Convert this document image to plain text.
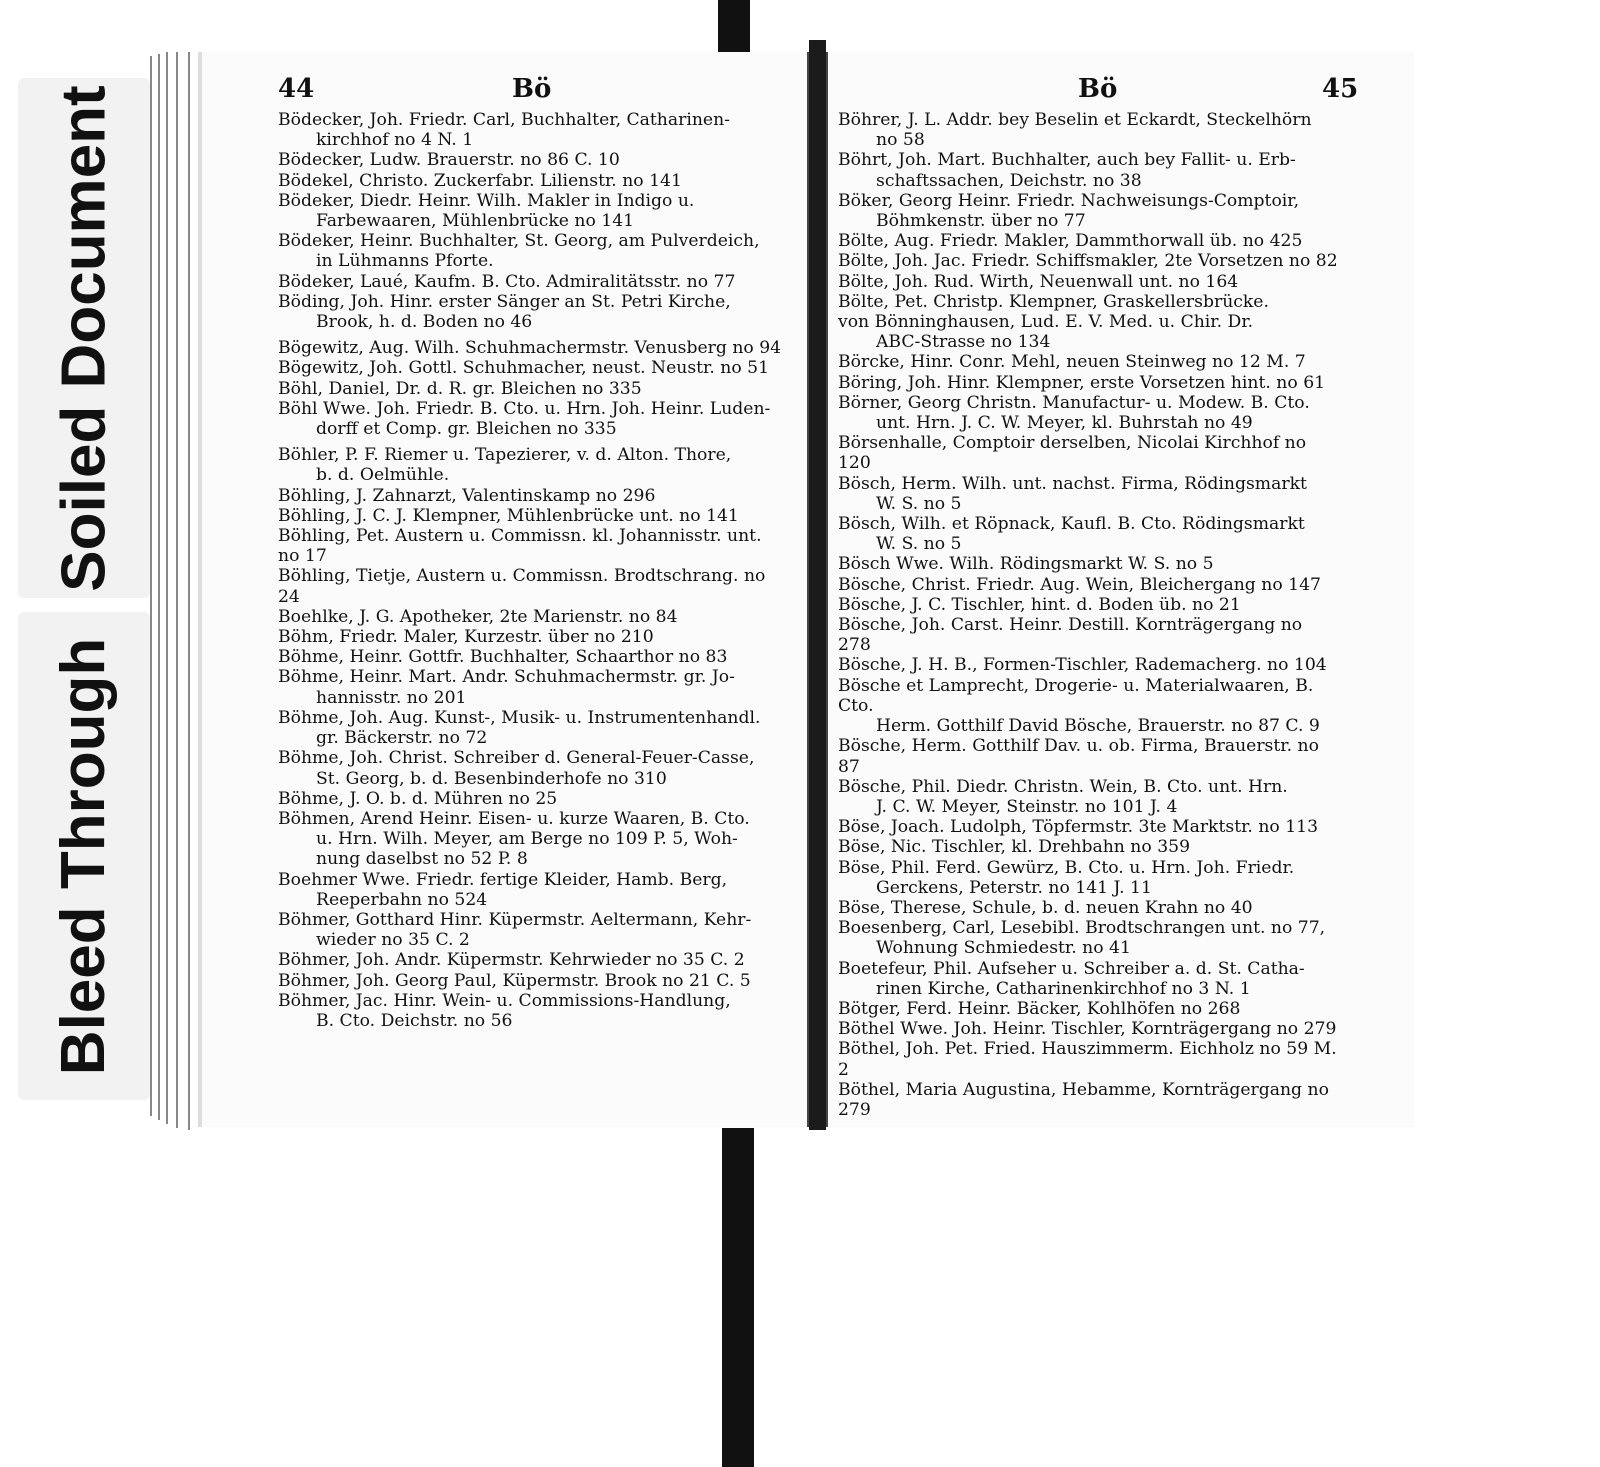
Soiled Document
Bleed Through
44	Bö
Bödecker, Joh. Friedr. Carl, Buchhalter, Catharinen-
kirchhof no 4 N. 1
Bödecker, Ludw. Brauerstr. no 86 C. 10
Bödekel, Christo. Zuckerfabr. Lilienstr. no 141
Bödeker, Diedr. Heinr. Wilh. Makler in Indigo u.
Farbewaaren, Mühlenbrücke no 141
Bödeker, Heinr. Buchhalter, St. Georg, am Pulverdeich,
in Lühmanns Pforte.
Bödeker, Laué, Kaufm. B. Cto. Admiralitätsstr. no 77
Böding, Joh. Hinr. erster Sänger an St. Petri Kirche,
Brook, h. d. Boden no 46
Bögewitz, Aug. Wilh. Schuhmachermstr. Venusberg no 94
Bögewitz, Joh. Gottl. Schuhmacher, neust. Neustr. no 51
Böhl, Daniel, Dr. d. R. gr. Bleichen no 335
Böhl Wwe. Joh. Friedr. B. Cto. u. Hrn. Joh. Heinr. Luden-
dorff et Comp. gr. Bleichen no 335
Böhler, P. F. Riemer u. Tapezierer, v. d. Alton. Thore,
b. d. Oelmühle.
Böhling, J. Zahnarzt, Valentinskamp no 296
Böhling, J. C. J. Klempner, Mühlenbrücke unt. no 141
Böhling, Pet. Austern u. Commissn. kl. Johannisstr. unt. no 17
Böhling, Tietje, Austern u. Commissn. Brodtschrang. no 24
Boehlke, J. G. Apotheker, 2te Marienstr. no 84
Böhm, Friedr. Maler, Kurzestr. über no 210
Böhme, Heinr. Gottfr. Buchhalter, Schaarthor no 83
Böhme, Heinr. Mart. Andr. Schuhmachermstr. gr. Jo-
hannisstr. no 201
Böhme, Joh. Aug. Kunst-, Musik- u. Instrumentenhandl.
gr. Bäckerstr. no 72
Böhme, Joh. Christ. Schreiber d. General-Feuer-Casse,
St. Georg, b. d. Besenbinderhofe no 310
Böhme, J. O. b. d. Mühren no 25
Böhmen, Arend Heinr. Eisen- u. kurze Waaren, B. Cto.
u. Hrn. Wilh. Meyer, am Berge no 109 P. 5, Woh-
nung daselbst no 52 P. 8
Boehmer Wwe. Friedr. fertige Kleider, Hamb. Berg,
Reeperbahn no 524
Böhmer, Gotthard Hinr. Küpermstr. Aeltermann, Kehr-
wieder no 35 C. 2
Böhmer, Joh. Andr. Küpermstr. Kehrwieder no 35 C. 2
Böhmer, Joh. Georg Paul, Küpermstr. Brook no 21 C. 5
Böhmer, Jac. Hinr. Wein- u. Commissions-Handlung,
B. Cto. Deichstr. no 56
Bö	45
Böhrer, J. L. Addr. bey Beselin et Eckardt, Steckelhörn
no 58
Böhrt, Joh. Mart. Buchhalter, auch bey Fallit- u. Erb-
schaftssachen, Deichstr. no 38
Böker, Georg Heinr. Friedr. Nachweisungs-Comptoir,
Böhmkenstr. über no 77
Bölte, Aug. Friedr. Makler, Dammthorwall üb. no 425
Bölte, Joh. Jac. Friedr. Schiffsmakler, 2te Vorsetzen no 82
Bölte, Joh. Rud. Wirth, Neuenwall unt. no 164
Bölte, Pet. Christp. Klempner, Graskellersbrücke.
von Bönninghausen, Lud. E. V. Med. u. Chir. Dr.
ABC-Strasse no 134
Börcke, Hinr. Conr. Mehl, neuen Steinweg no 12 M. 7
Böring, Joh. Hinr. Klempner, erste Vorsetzen hint. no 61
Börner, Georg Christn. Manufactur- u. Modew. B. Cto.
unt. Hrn. J. C. W. Meyer, kl. Buhrstah no 49
Börsenhalle, Comptoir derselben, Nicolai Kirchhof no 120
Bösch, Herm. Wilh. unt. nachst. Firma, Rödingsmarkt
W. S. no 5
Bösch, Wilh. et Röpnack, Kaufl. B. Cto. Rödingsmarkt
W. S. no 5
Bösch Wwe. Wilh. Rödingsmarkt W. S. no 5
Bösche, Christ. Friedr. Aug. Wein, Bleichergang no 147
Bösche, J. C. Tischler, hint. d. Boden üb. no 21
Bösche, Joh. Carst. Heinr. Destill. Kornträgergang no 278
Bösche, J. H. B., Formen-Tischler, Rademacherg. no 104
Bösche et Lamprecht, Drogerie- u. Materialwaaren, B. Cto.
Herm. Gotthilf David Bösche, Brauerstr. no 87 C. 9
Bösche, Herm. Gotthilf Dav. u. ob. Firma, Brauerstr. no 87
Bösche, Phil. Diedr. Christn. Wein, B. Cto. unt. Hrn.
J. C. W. Meyer, Steinstr. no 101 J. 4
Böse, Joach. Ludolph, Töpfermstr. 3te Marktstr. no 113
Böse, Nic. Tischler, kl. Drehbahn no 359
Böse, Phil. Ferd. Gewürz, B. Cto. u. Hrn. Joh. Friedr.
Gerckens, Peterstr. no 141 J. 11
Böse, Therese, Schule, b. d. neuen Krahn no 40
Boesenberg, Carl, Lesebibl. Brodtschrangen unt. no 77,
Wohnung Schmiedestr. no 41
Boetefeur, Phil. Aufseher u. Schreiber a. d. St. Catha-
rinen Kirche, Catharinenkirchhof no 3 N. 1
Bötger, Ferd. Heinr. Bäcker, Kohlhöfen no 268
Böthel Wwe. Joh. Heinr. Tischler, Kornträgergang no 279
Böthel, Joh. Pet. Fried. Hauszimmerm. Eichholz no 59 M. 2
Böthel, Maria Augustina, Hebamme, Kornträgergang no 279
